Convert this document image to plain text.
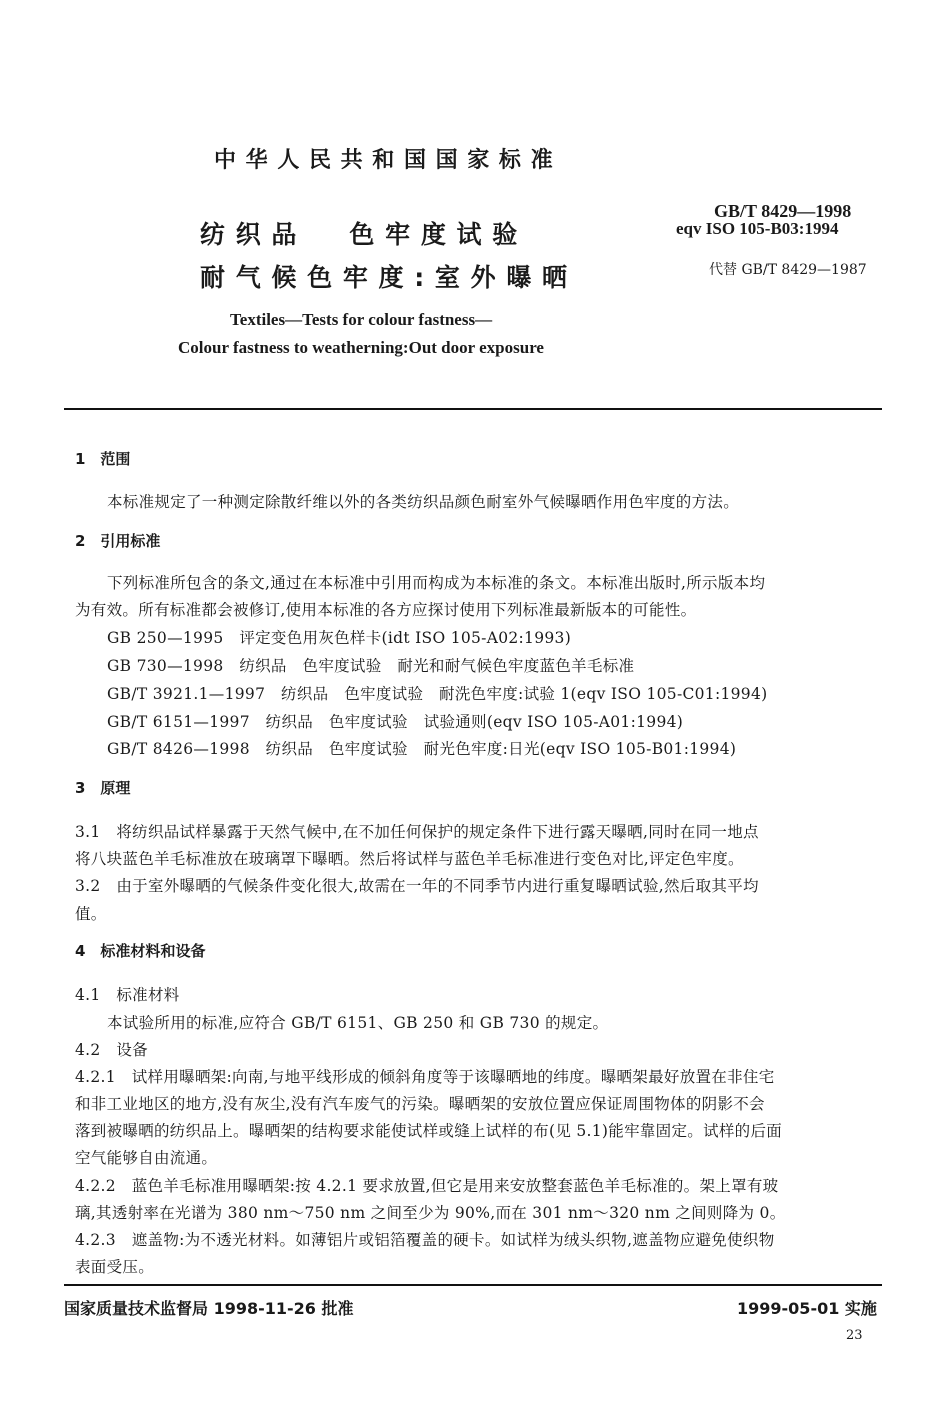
中 华 人 民 共 和 国 国 家 标 准
纺 织 品　　色 牢 度 试 验
耐 气 候 色 牢 度 : 室 外 曝 晒
GB/T 8429—1998
eqv ISO 105-B03:1994
代替 GB/T 8429—1987
Textiles—Tests for colour fastness—
Colour fastness to weatherning:Out door exposure
1　范围
本标准规定了一种测定除散纤维以外的各类纺织品颜色耐室外气候曝晒作用色牢度的方法。
2　引用标准
下列标准所包含的条文,通过在本标准中引用而构成为本标准的条文。本标准出版时,所示版本均
为有效。所有标准都会被修订,使用本标准的各方应探讨使用下列标准最新版本的可能性。
GB 250—1995　评定变色用灰色样卡(idt ISO 105-A02:1993)
GB 730—1998　纺织品　色牢度试验　耐光和耐气候色牢度蓝色羊毛标准
GB/T 3921.1—1997　纺织品　色牢度试验　耐洗色牢度:试验 1(eqv ISO 105-C01:1994)
GB/T 6151—1997　纺织品　色牢度试验　试验通则(eqv ISO 105-A01:1994)
GB/T 8426—1998　纺织品　色牢度试验　耐光色牢度:日光(eqv ISO 105-B01:1994)
3　原理
3.1　将纺织品试样暴露于天然气候中,在不加任何保护的规定条件下进行露天曝晒,同时在同一地点
将八块蓝色羊毛标准放在玻璃罩下曝晒。然后将试样与蓝色羊毛标准进行变色对比,评定色牢度。
3.2　由于室外曝晒的气候条件变化很大,故需在一年的不同季节内进行重复曝晒试验,然后取其平均
值。
4　标准材料和设备
4.1　标准材料
本试验所用的标准,应符合 GB/T 6151、GB 250 和 GB 730 的规定。
4.2　设备
4.2.1　试样用曝晒架:向南,与地平线形成的倾斜角度等于该曝晒地的纬度。曝晒架最好放置在非住宅
和非工业地区的地方,没有灰尘,没有汽车废气的污染。曝晒架的安放位置应保证周围物体的阴影不会
落到被曝晒的纺织品上。曝晒架的结构要求能使试样或缝上试样的布(见 5.1)能牢靠固定。试样的后面
空气能够自由流通。
4.2.2　蓝色羊毛标准用曝晒架:按 4.2.1 要求放置,但它是用来安放整套蓝色羊毛标准的。架上罩有玻
璃,其透射率在光谱为 380 nm～750 nm 之间至少为 90%,而在 301 nm～320 nm 之间则降为 0。
4.2.3　遮盖物:为不透光材料。如薄铝片或铝箔覆盖的硬卡。如试样为绒头织物,遮盖物应避免使织物
表面受压。
国家质量技术监督局 1998-11-26 批准	1999-05-01 实施
23
